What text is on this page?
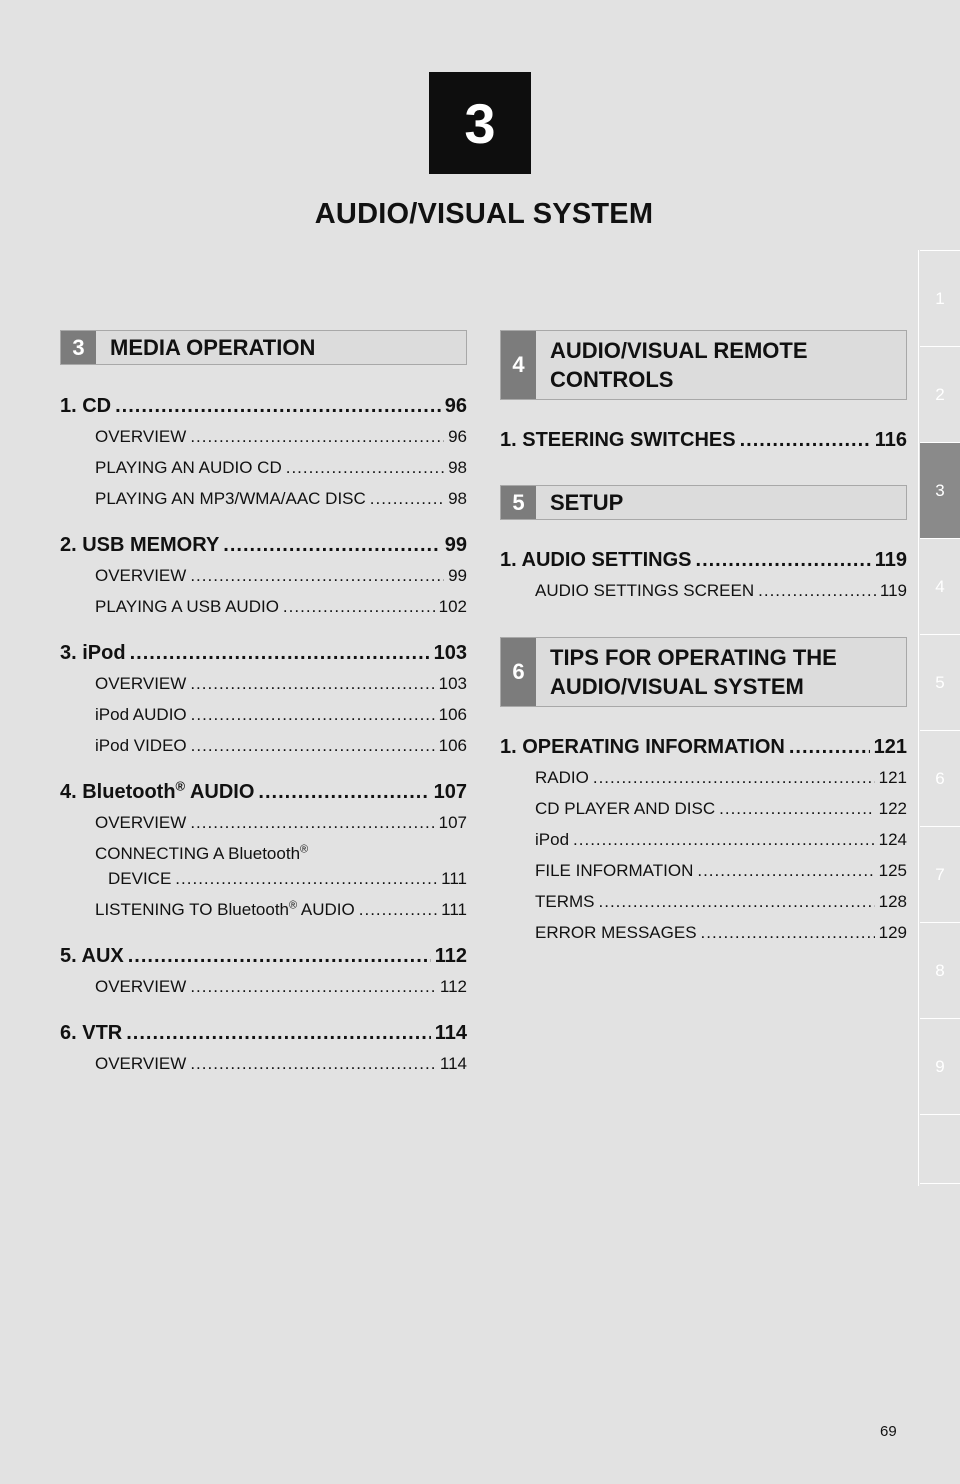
3
AUDIO/VISUAL SYSTEM
1
2
3
4
5
6
7
8
9
3	MEDIA OPERATION
1. CD .....	96
OVERVIEW .....	96
PLAYING AN AUDIO CD .....	98
PLAYING AN MP3/WMA/AAC DISC .....	98
2. USB MEMORY .....	99
OVERVIEW .....	99
PLAYING A USB AUDIO .....	102
3. iPod .....	103
OVERVIEW .....	103
iPod AUDIO .....	106
iPod VIDEO .....	106
4. Bluetooth® AUDIO .....	107
OVERVIEW .....	107
CONNECTING A Bluetooth®
DEVICE .....	111
LISTENING TO Bluetooth® AUDIO .....	111
5. AUX .....	112
OVERVIEW .....	112
6. VTR .....	114
OVERVIEW .....	114
4
AUDIO/VISUAL REMOTE
CONTROLS
1. STEERING SWITCHES .....	116
5	SETUP
1. AUDIO SETTINGS .....	119
AUDIO SETTINGS SCREEN .....	119
6
TIPS FOR OPERATING THE
AUDIO/VISUAL SYSTEM
1. OPERATING INFORMATION .....	121
RADIO .....	121
CD PLAYER AND DISC .....	122
iPod .....	124
FILE INFORMATION .....	125
TERMS .....	128
ERROR MESSAGES .....	129
69
